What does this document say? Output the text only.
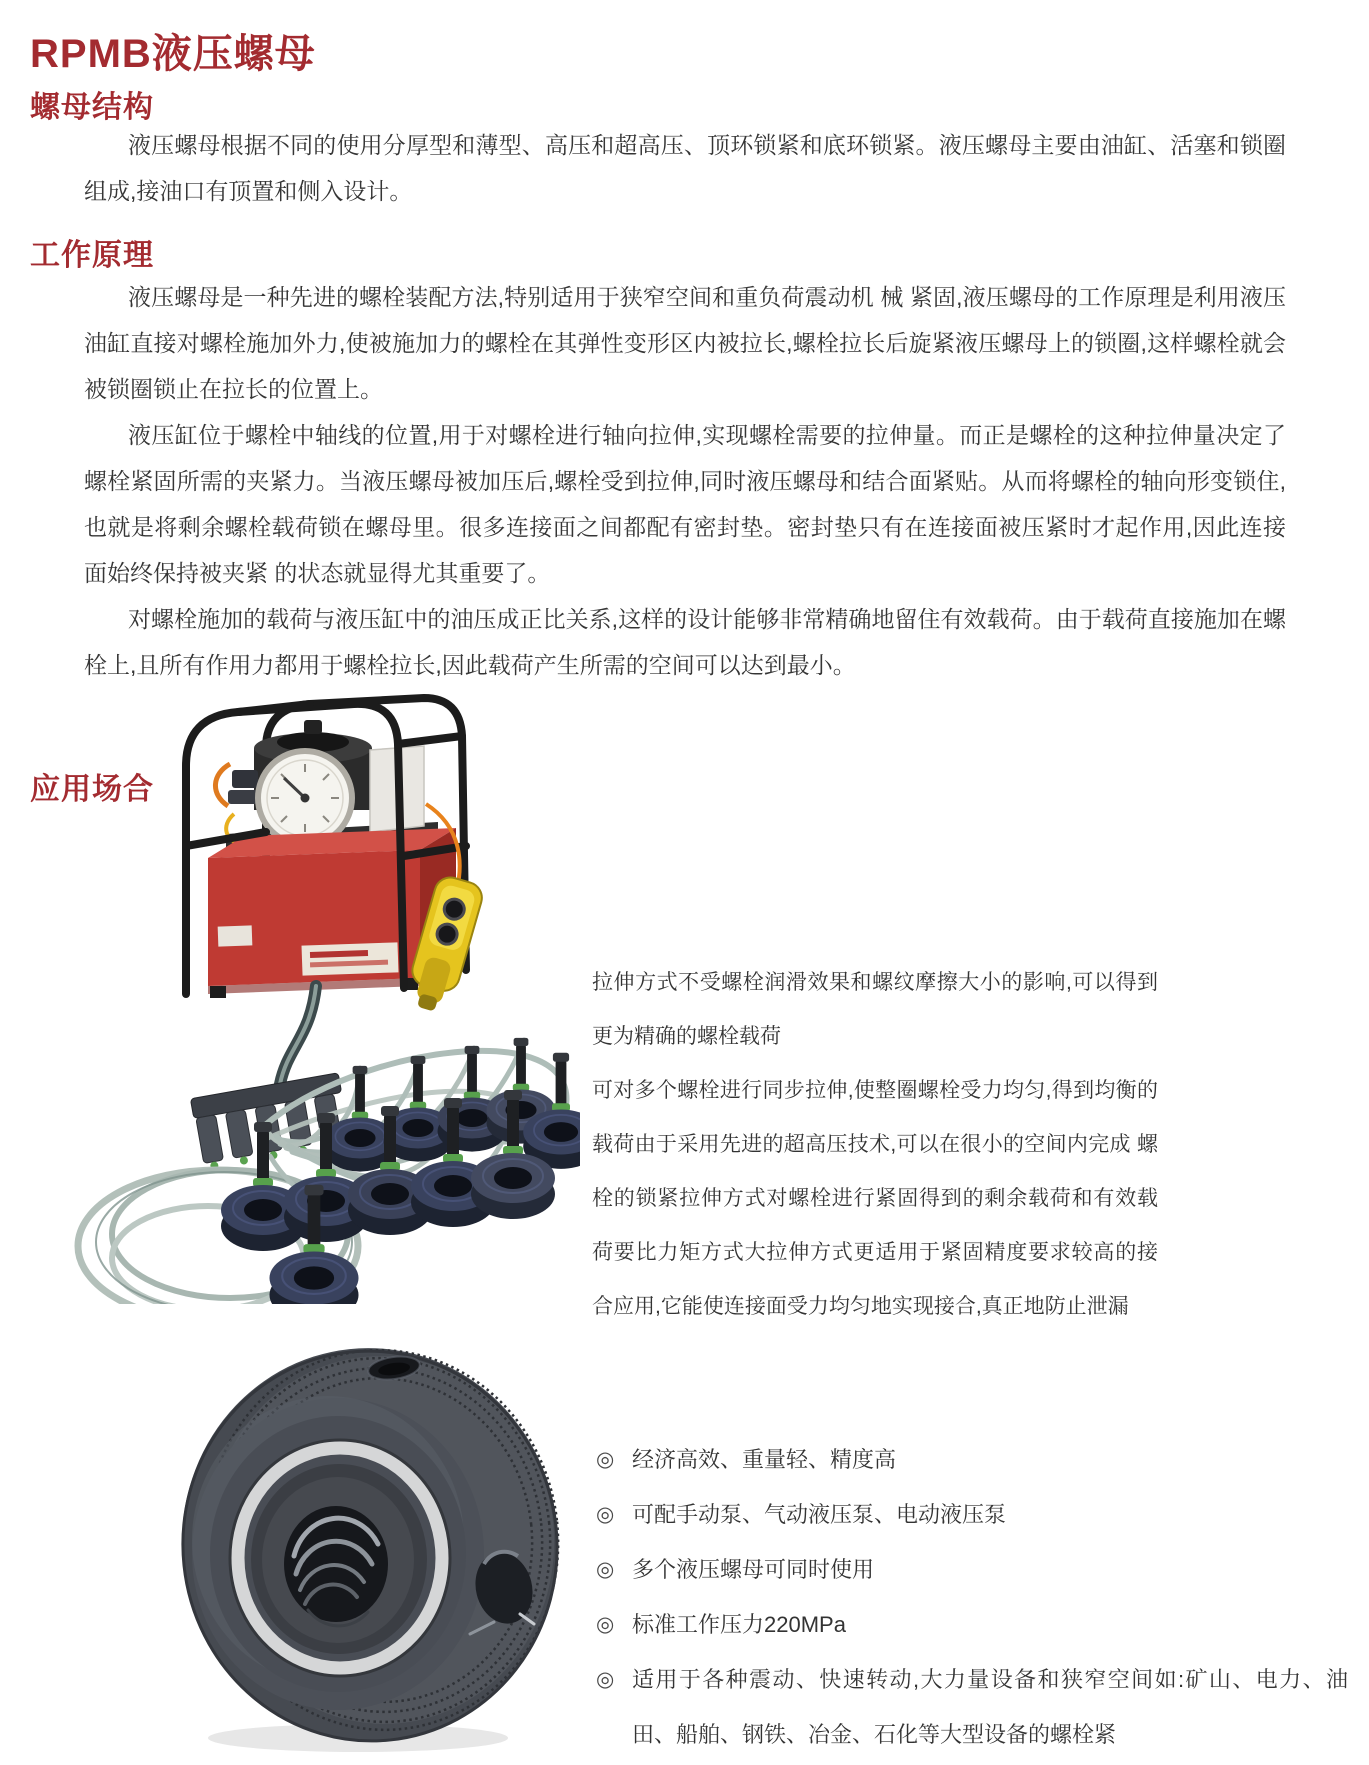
RPMB液压螺母
螺母结构

液压螺母根据不同的使用分厚型和薄型、高压和超高压、顶环锁紧和底环锁紧。液压螺母主要由油缸、活塞和锁圈组成,接油口有顶置和侧入设计。

工作原理

液压螺母是一种先进的螺栓装配方法,特别适用于狭窄空间和重负荷震动机 械 紧固,液压螺母的工作原理是利用液压油缸直接对螺栓施加外力,使被施加力的螺栓在其弹性变形区内被拉长,螺栓拉长后旋紧液压螺母上的锁圈,这样螺栓就会被锁圈锁止在拉长的位置上。

液压缸位于螺栓中轴线的位置,用于对螺栓进行轴向拉伸,实现螺栓需要的拉伸量。而正是螺栓的这种拉伸量决定了螺栓紧固所需的夹紧力。当液压螺母被加压后,螺栓受到拉伸,同时液压螺母和结合面紧贴。从而将螺栓的轴向形变锁住,也就是将剩余螺栓载荷锁在螺母里。很多连接面之间都配有密封垫。密封垫只有在连接面被压紧时才起作用,因此连接面始终保持被夹紧 的状态就显得尤其重要了。

对螺栓施加的载荷与液压缸中的油压成正比关系,这样的设计能够非常精确地留住有效载荷。由于载荷直接施加在螺栓上,且所有作用力都用于螺栓拉长,因此载荷产生所需的空间可以达到最小。

应用场合

拉伸方式不受螺栓润滑效果和螺纹摩擦大小的影响,可以得到更为精确的螺栓载荷

可对多个螺栓进行同步拉伸,使整圈螺栓受力均匀,得到均衡的载荷由于采用先进的超高压技术,可以在很小的空间内完成 螺栓的锁紧拉伸方式对螺栓进行紧固得到的剩余载荷和有效载荷要比力矩方式大拉伸方式更适用于紧固精度要求较高的接合应用,它能使连接面受力均匀地实现接合,真正地防止泄漏

◎ 经济高效、重量轻、精度高
◎ 可配手动泵、气动液压泵、电动液压泵
◎ 多个液压螺母可同时使用
◎ 标准工作压力220MPa
◎ 适用于各种震动、快速转动,大力量设备和狭窄空间如:矿山、电力、油田、船舶、钢铁、冶金、石化等大型设备的螺栓紧
